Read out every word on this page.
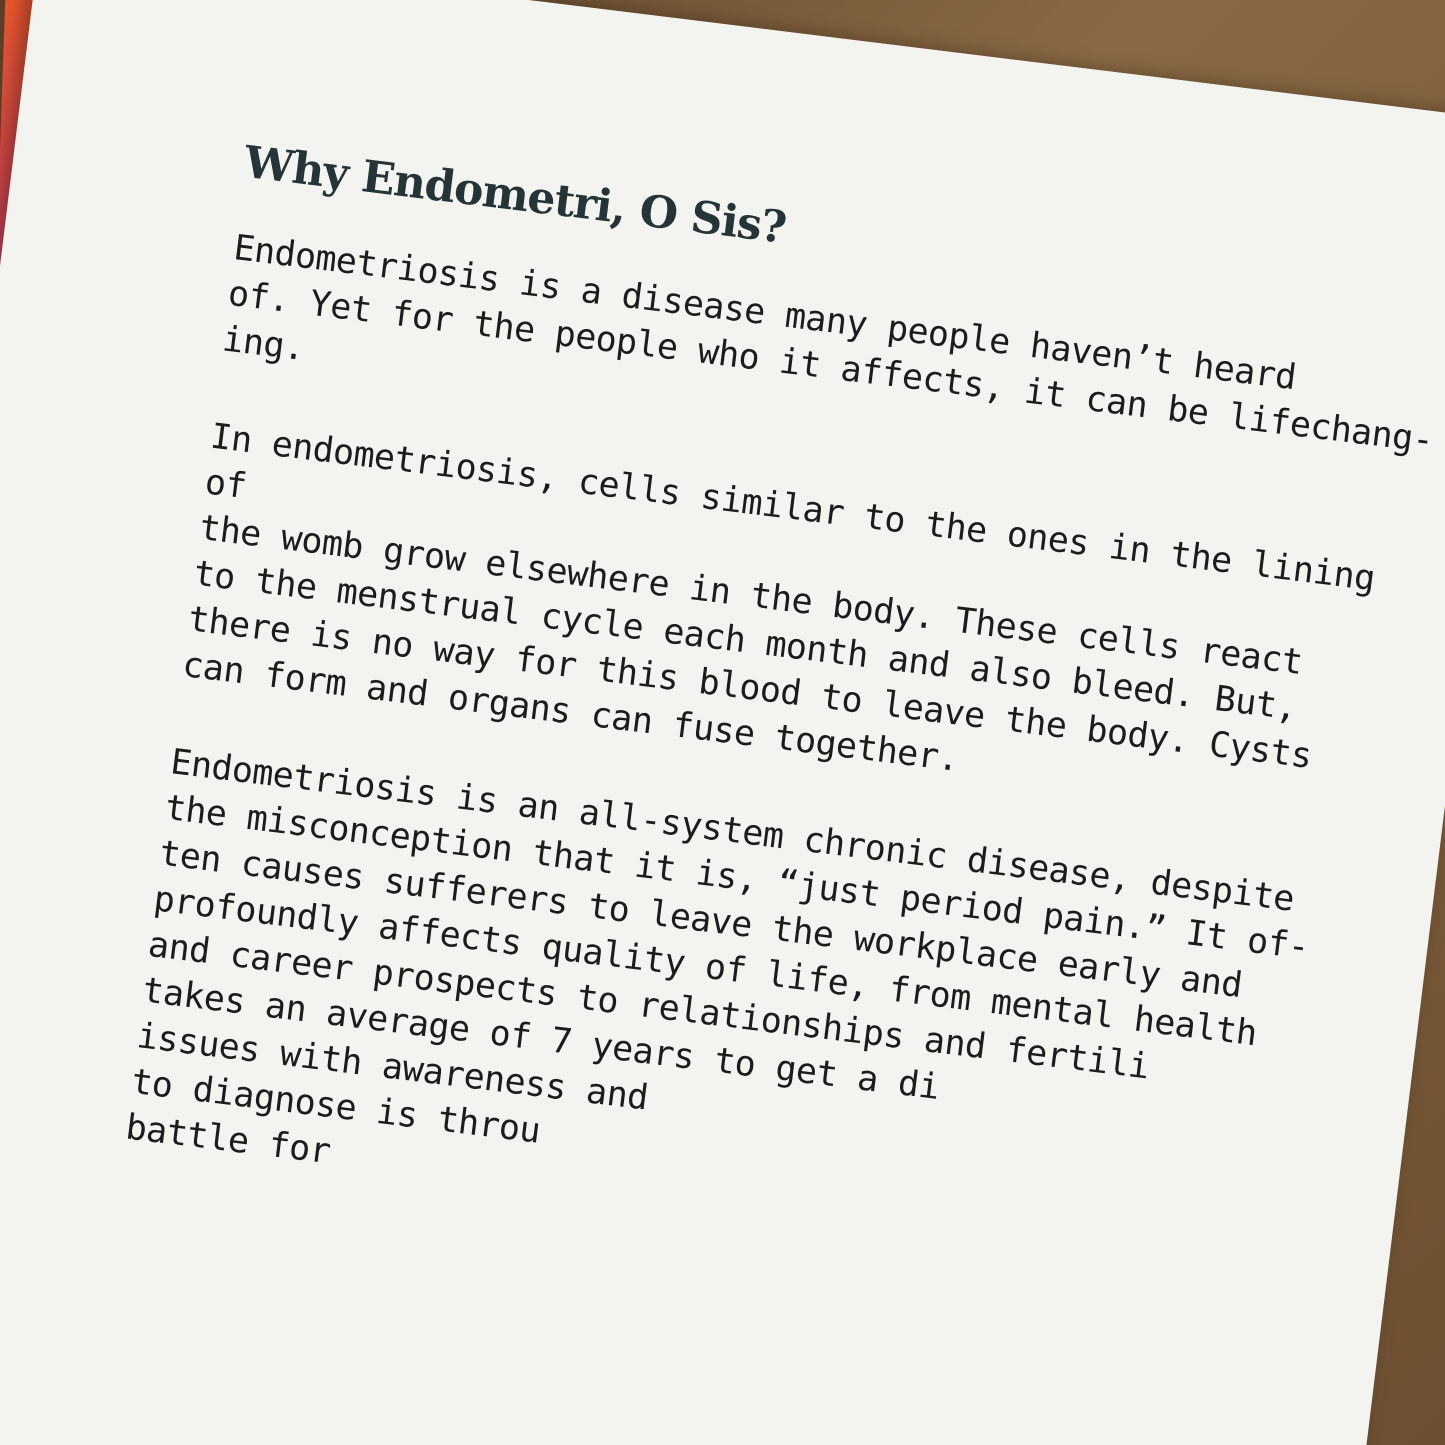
Why Endometri, O Sis?

Endometriosis is a disease many people haven’t heard
of. Yet for the people who it affects, it can be lifechang-
ing.

In endometriosis, cells similar to the ones in the lining of
the womb grow elsewhere in the body. These cells react
to the menstrual cycle each month and also bleed. But,
there is no way for this blood to leave the body. Cysts
can form and organs can fuse together.

Endometriosis is an all-system chronic disease, despite
the misconception that it is, “just period pain.” It of-
ten causes sufferers to leave the workplace early and
profoundly affects quality of life, from mental health
and career prospects to relationships and fertili
takes an average of 7 years to get a di
issues with awareness and
to diagnose is throu
battle for
